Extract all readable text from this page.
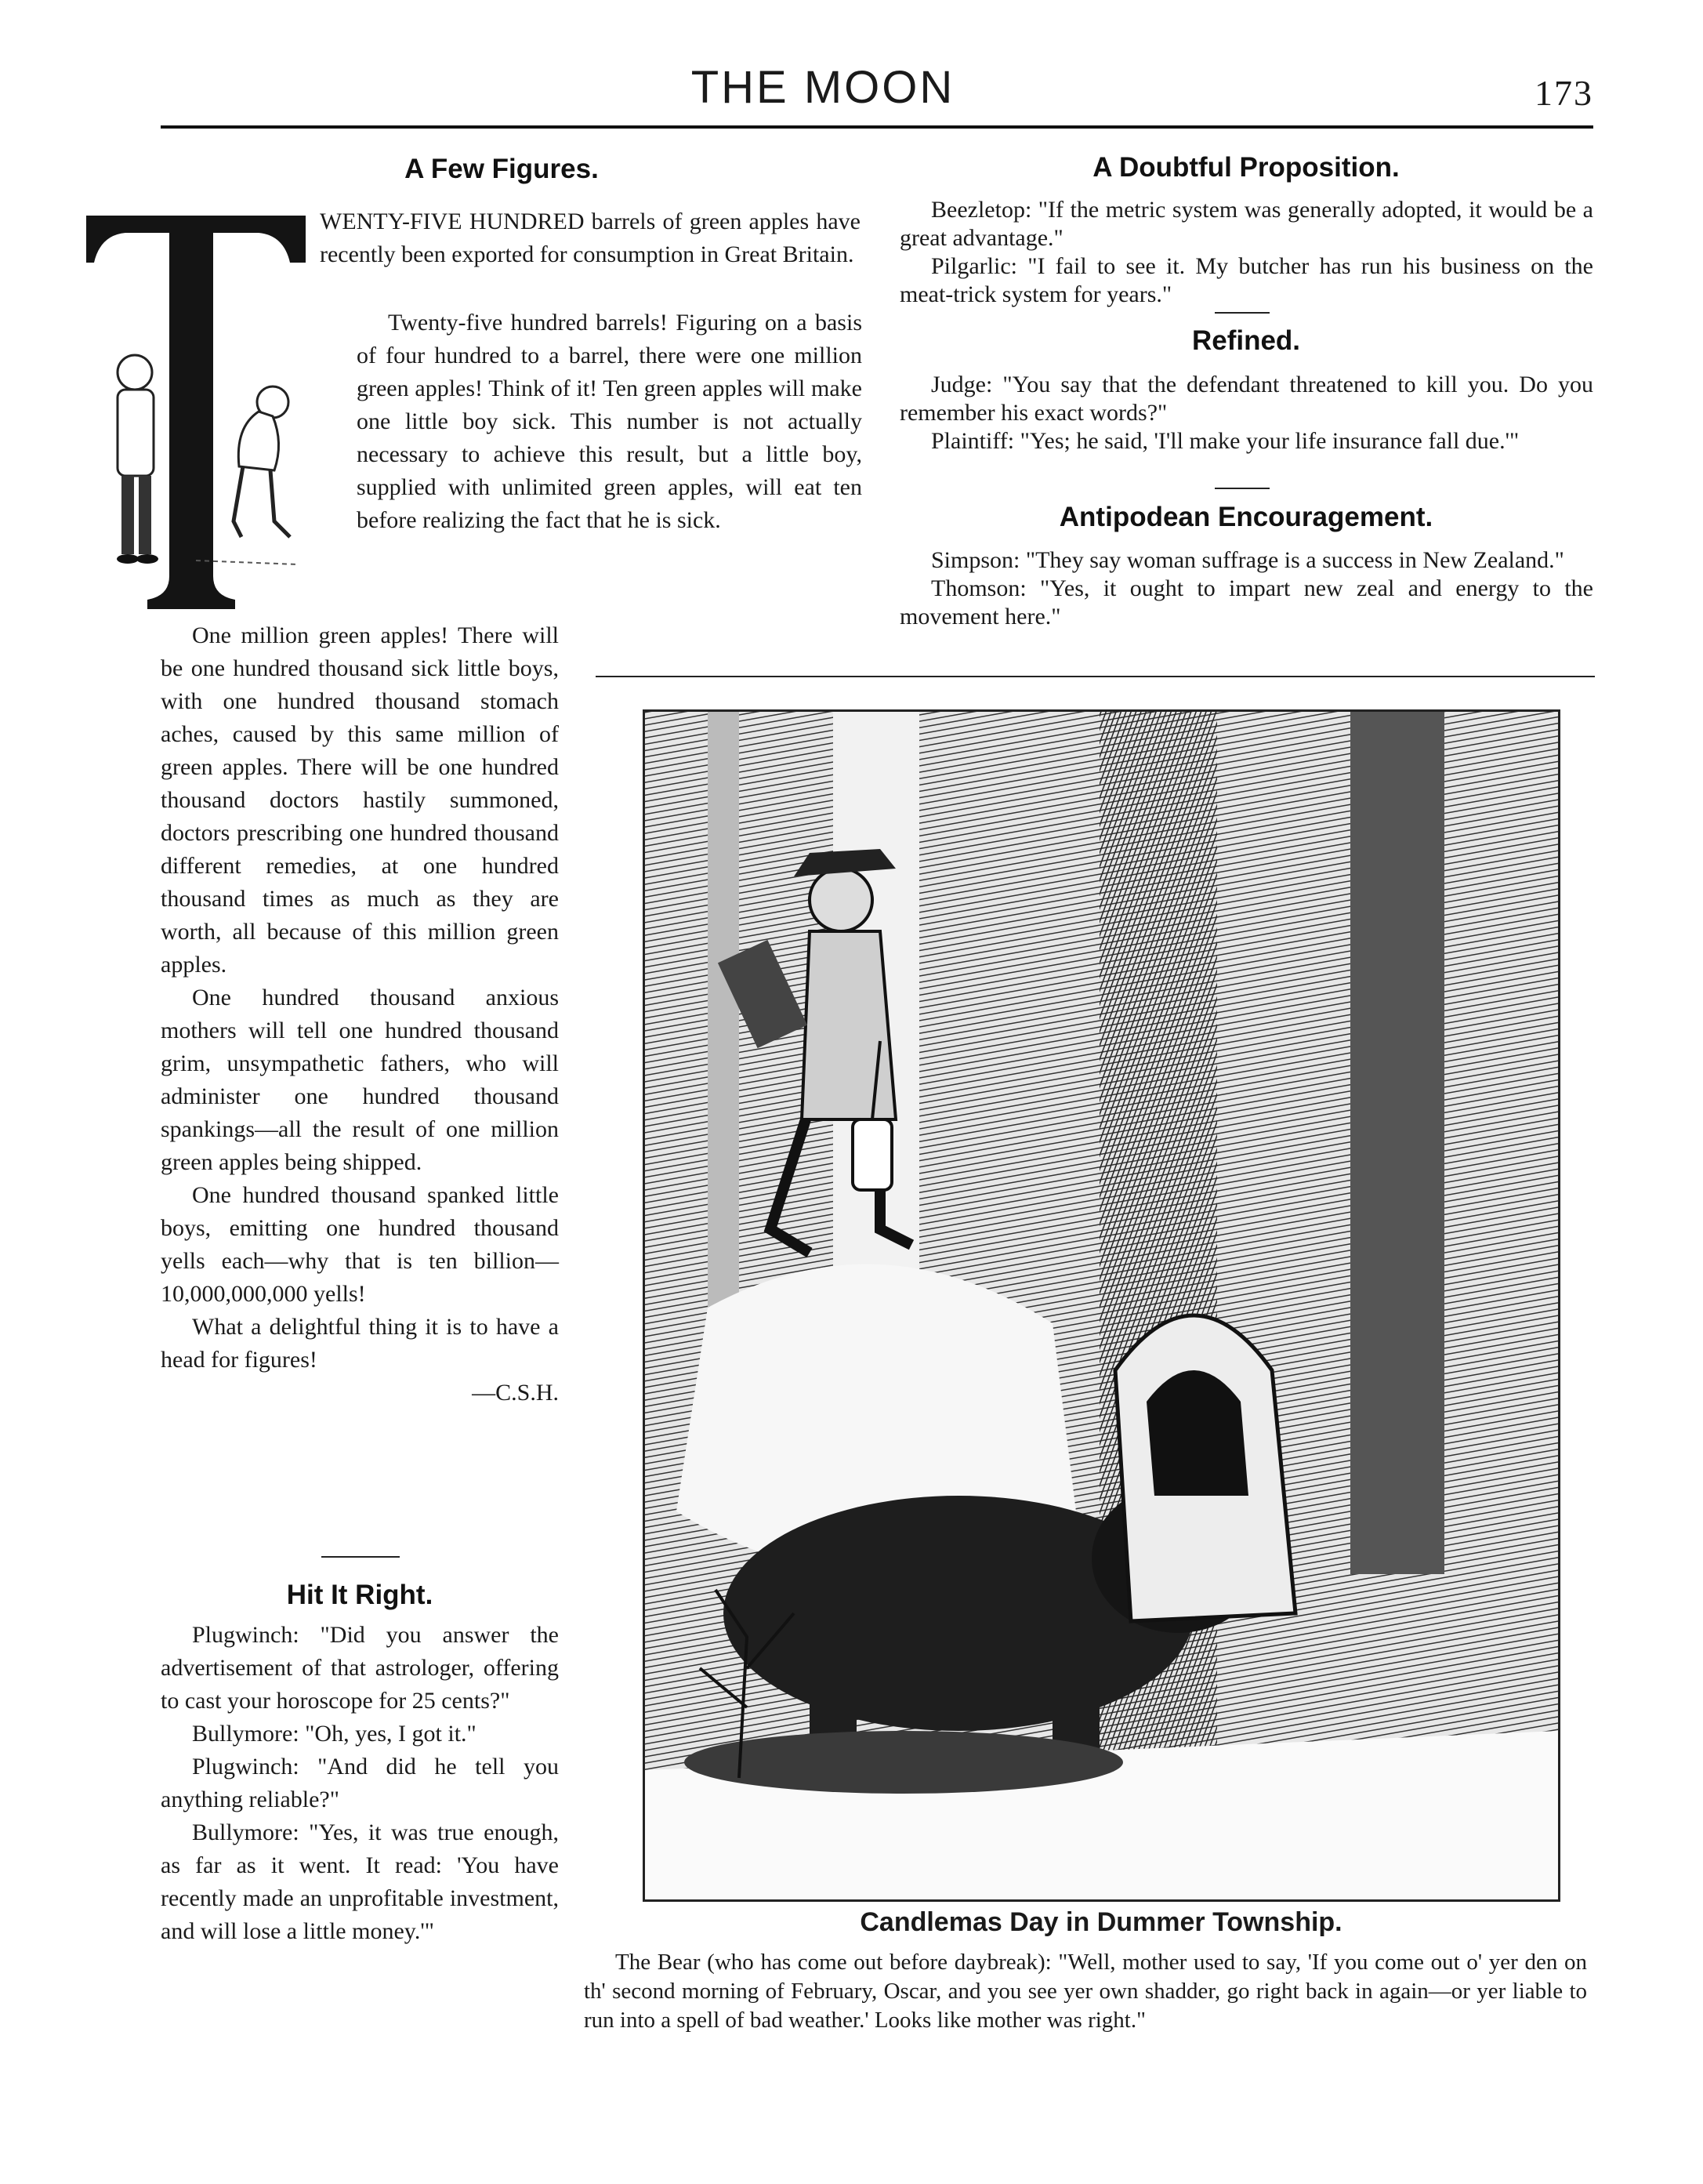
THE MOON	173
A Few Figures.

WENTY-FIVE HUNDRED barrels of green apples have recently been exported for consumption in Great Britain.

Twenty-five hundred barrels! Figuring on a basis of four hundred to a barrel, there were one million green apples! Think of it! Ten green apples will make one little boy sick. This number is not actually necessary to achieve this result, but a little boy, supplied with unlimited green apples, will eat ten before realizing the fact that he is sick.

One million green apples! There will be one hundred thousand sick little boys, with one hundred thousand stomach aches, caused by this same million of green apples. There will be one hundred thousand doctors hastily summoned, doctors prescribing one hundred thousand different remedies, at one hundred thousand times as much as they are worth, all because of this million green apples.

One hundred thousand anxious mothers will tell one hundred thousand grim, unsympathetic fathers, who will administer one hundred thousand spankings—all the result of one million green apples being shipped.

One hundred thousand spanked little boys, emitting one hundred thousand yells each—why that is ten billion—10,000,000,000 yells!

What a delightful thing it is to have a head for figures!

—C.S.H.

Hit It Right.

Plugwinch: "Did you answer the advertisement of that astrologer, offering to cast your horoscope for 25 cents?"

Bullymore: "Oh, yes, I got it."

Plugwinch: "And did he tell you anything reliable?"

Bullymore: "Yes, it was true enough, as far as it went. It read: 'You have recently made an unprofitable investment, and will lose a little money.'"

A Doubtful Proposition.

Beezletop: "If the metric system was generally adopted, it would be a great advantage."

Pilgarlic: "I fail to see it. My butcher has run his business on the meat-trick system for years."

Refined.

Judge: "You say that the defendant threatened to kill you. Do you remember his exact words?"

Plaintiff: "Yes; he said, 'I'll make your life insurance fall due.'"

Antipodean Encouragement.

Simpson: "They say woman suffrage is a success in New Zealand."

Thomson: "Yes, it ought to impart new zeal and energy to the movement here."

Candlemas Day in Dummer Township.

The Bear (who has come out before daybreak): "Well, mother used to say, 'If you come out o' yer den on th' second morning of February, Oscar, and you see yer own shadder, go right back in again—or yer liable to run into a spell of bad weather.' Looks like mother was right."
